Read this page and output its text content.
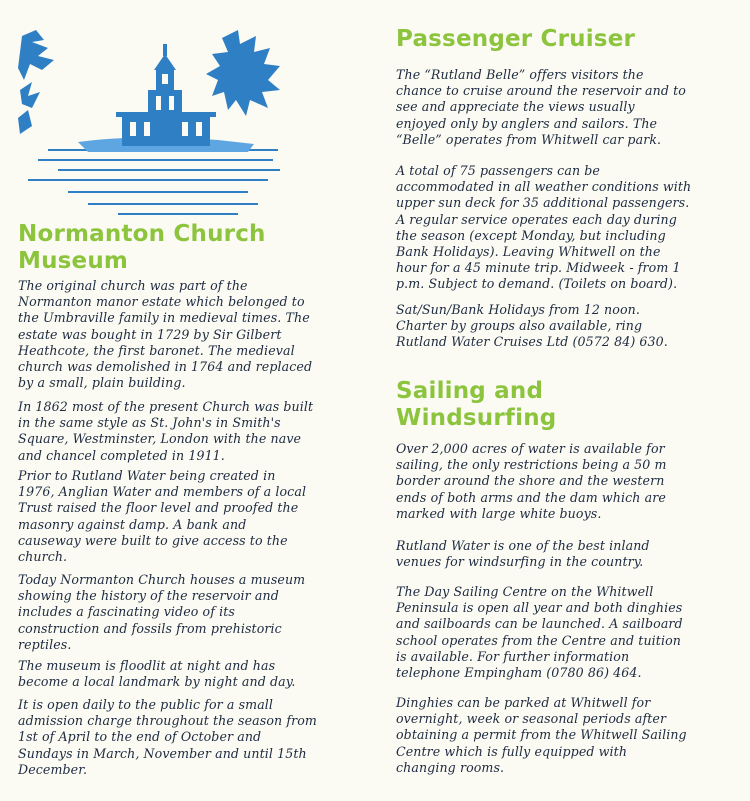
Normanton Church
Museum

The original church was part of the
Normanton manor estate which belonged to
the Umbraville family in medieval times. The
estate was bought in 1729 by Sir Gilbert
Heathcote, the first baronet. The medieval
church was demolished in 1764 and replaced
by a small, plain building.

In 1862 most of the present Church was built
in the same style as St. John's in Smith's
Square, Westminster, London with the nave
and chancel completed in 1911.

Prior to Rutland Water being created in
1976, Anglian Water and members of a local
Trust raised the floor level and proofed the
masonry against damp. A bank and
causeway were built to give access to the
church.

Today Normanton Church houses a museum
showing the history of the reservoir and
includes a fascinating video of its
construction and fossils from prehistoric
reptiles.

The museum is floodlit at night and has
become a local landmark by night and day.

It is open daily to the public for a small
admission charge throughout the season from
1st of April to the end of October and
Sundays in March, November and until 15th
December.

Passenger Cruiser

The “Rutland Belle” offers visitors the
chance to cruise around the reservoir and to
see and appreciate the views usually
enjoyed only by anglers and sailors. The
“Belle” operates from Whitwell car park.

A total of 75 passengers can be
accommodated in all weather conditions with
upper sun deck for 35 additional passengers.
A regular service operates each day during
the season (except Monday, but including
Bank Holidays). Leaving Whitwell on the
hour for a 45 minute trip. Midweek - from 1
p.m. Subject to demand. (Toilets on board).

Sat/Sun/Bank Holidays from 12 noon.
Charter by groups also available, ring
Rutland Water Cruises Ltd (0572 84) 630.

Sailing and
Windsurfing

Over 2,000 acres of water is available for
sailing, the only restrictions being a 50 m
border around the shore and the western
ends of both arms and the dam which are
marked with large white buoys.

Rutland Water is one of the best inland
venues for windsurfing in the country.

The Day Sailing Centre on the Whitwell
Peninsula is open all year and both dinghies
and sailboards can be launched. A sailboard
school operates from the Centre and tuition
is available. For further information
telephone Empingham (0780 86) 464.

Dinghies can be parked at Whitwell for
overnight, week or seasonal periods after
obtaining a permit from the Whitwell Sailing
Centre which is fully equipped with
changing rooms.
